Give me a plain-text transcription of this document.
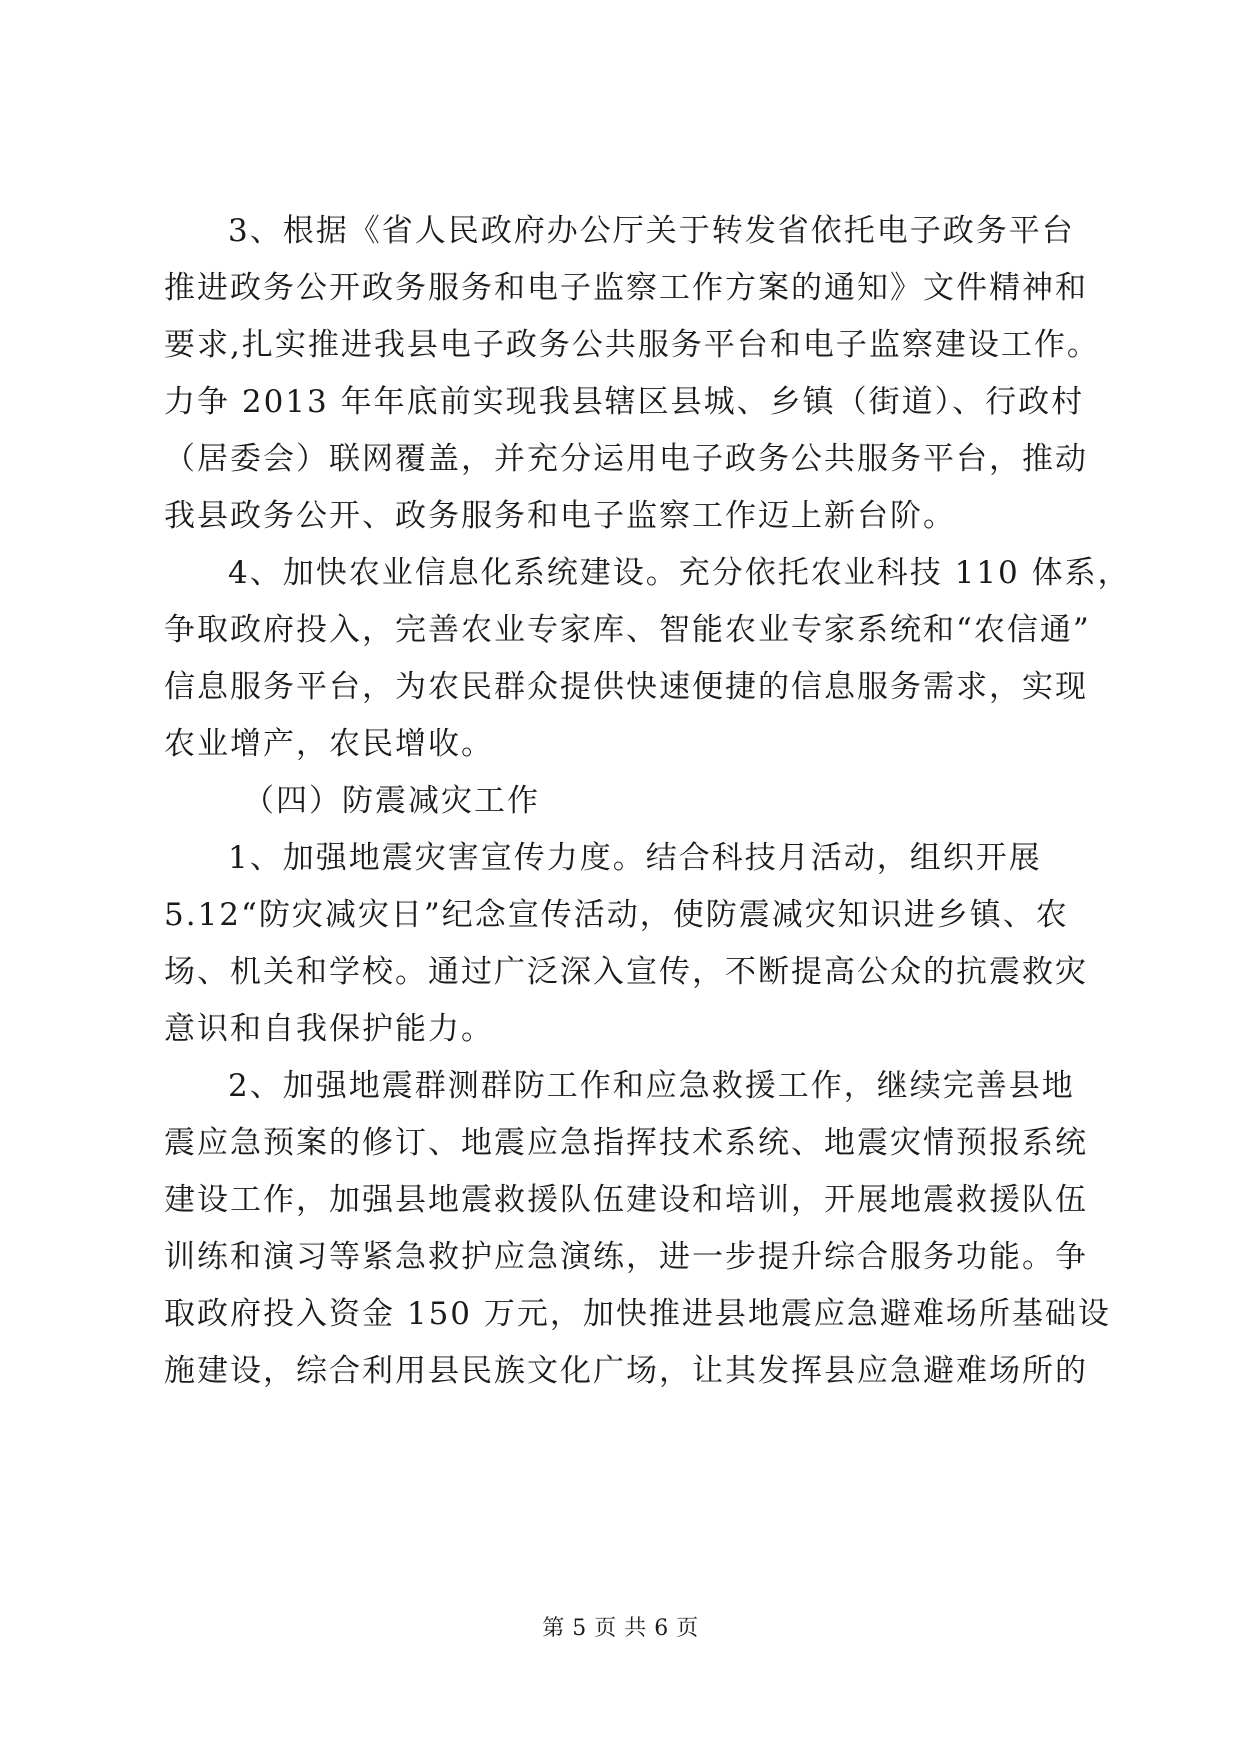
3、根据《省人民政府办公厅关于转发省依托电子政务平台
推进政务公开政务服务和电子监察工作方案的通知》文件精神和
要求,扎实推进我县电子政务公共服务平台和电子监察建设工作。
力争 2013 年年底前实现我县辖区县城、乡镇（街道）、行政村
（居委会）联网覆盖，并充分运用电子政务公共服务平台，推动
我县政务公开、政务服务和电子监察工作迈上新台阶。
4、加快农业信息化系统建设。充分依托农业科技 110 体系，
争取政府投入，完善农业专家库、智能农业专家系统和“农信通”
信息服务平台，为农民群众提供快速便捷的信息服务需求，实现
农业增产，农民增收。
（四）防震减灾工作
1、加强地震灾害宣传力度。结合科技月活动，组织开展
5.12“防灾减灾日”纪念宣传活动，使防震减灾知识进乡镇、农
场、机关和学校。通过广泛深入宣传，不断提高公众的抗震救灾
意识和自我保护能力。
2、加强地震群测群防工作和应急救援工作，继续完善县地
震应急预案的修订、地震应急指挥技术系统、地震灾情预报系统
建设工作，加强县地震救援队伍建设和培训，开展地震救援队伍
训练和演习等紧急救护应急演练，进一步提升综合服务功能。争
取政府投入资金 150 万元，加快推进县地震应急避难场所基础设
施建设，综合利用县民族文化广场，让其发挥县应急避难场所的
第 5 页 共 6 页
